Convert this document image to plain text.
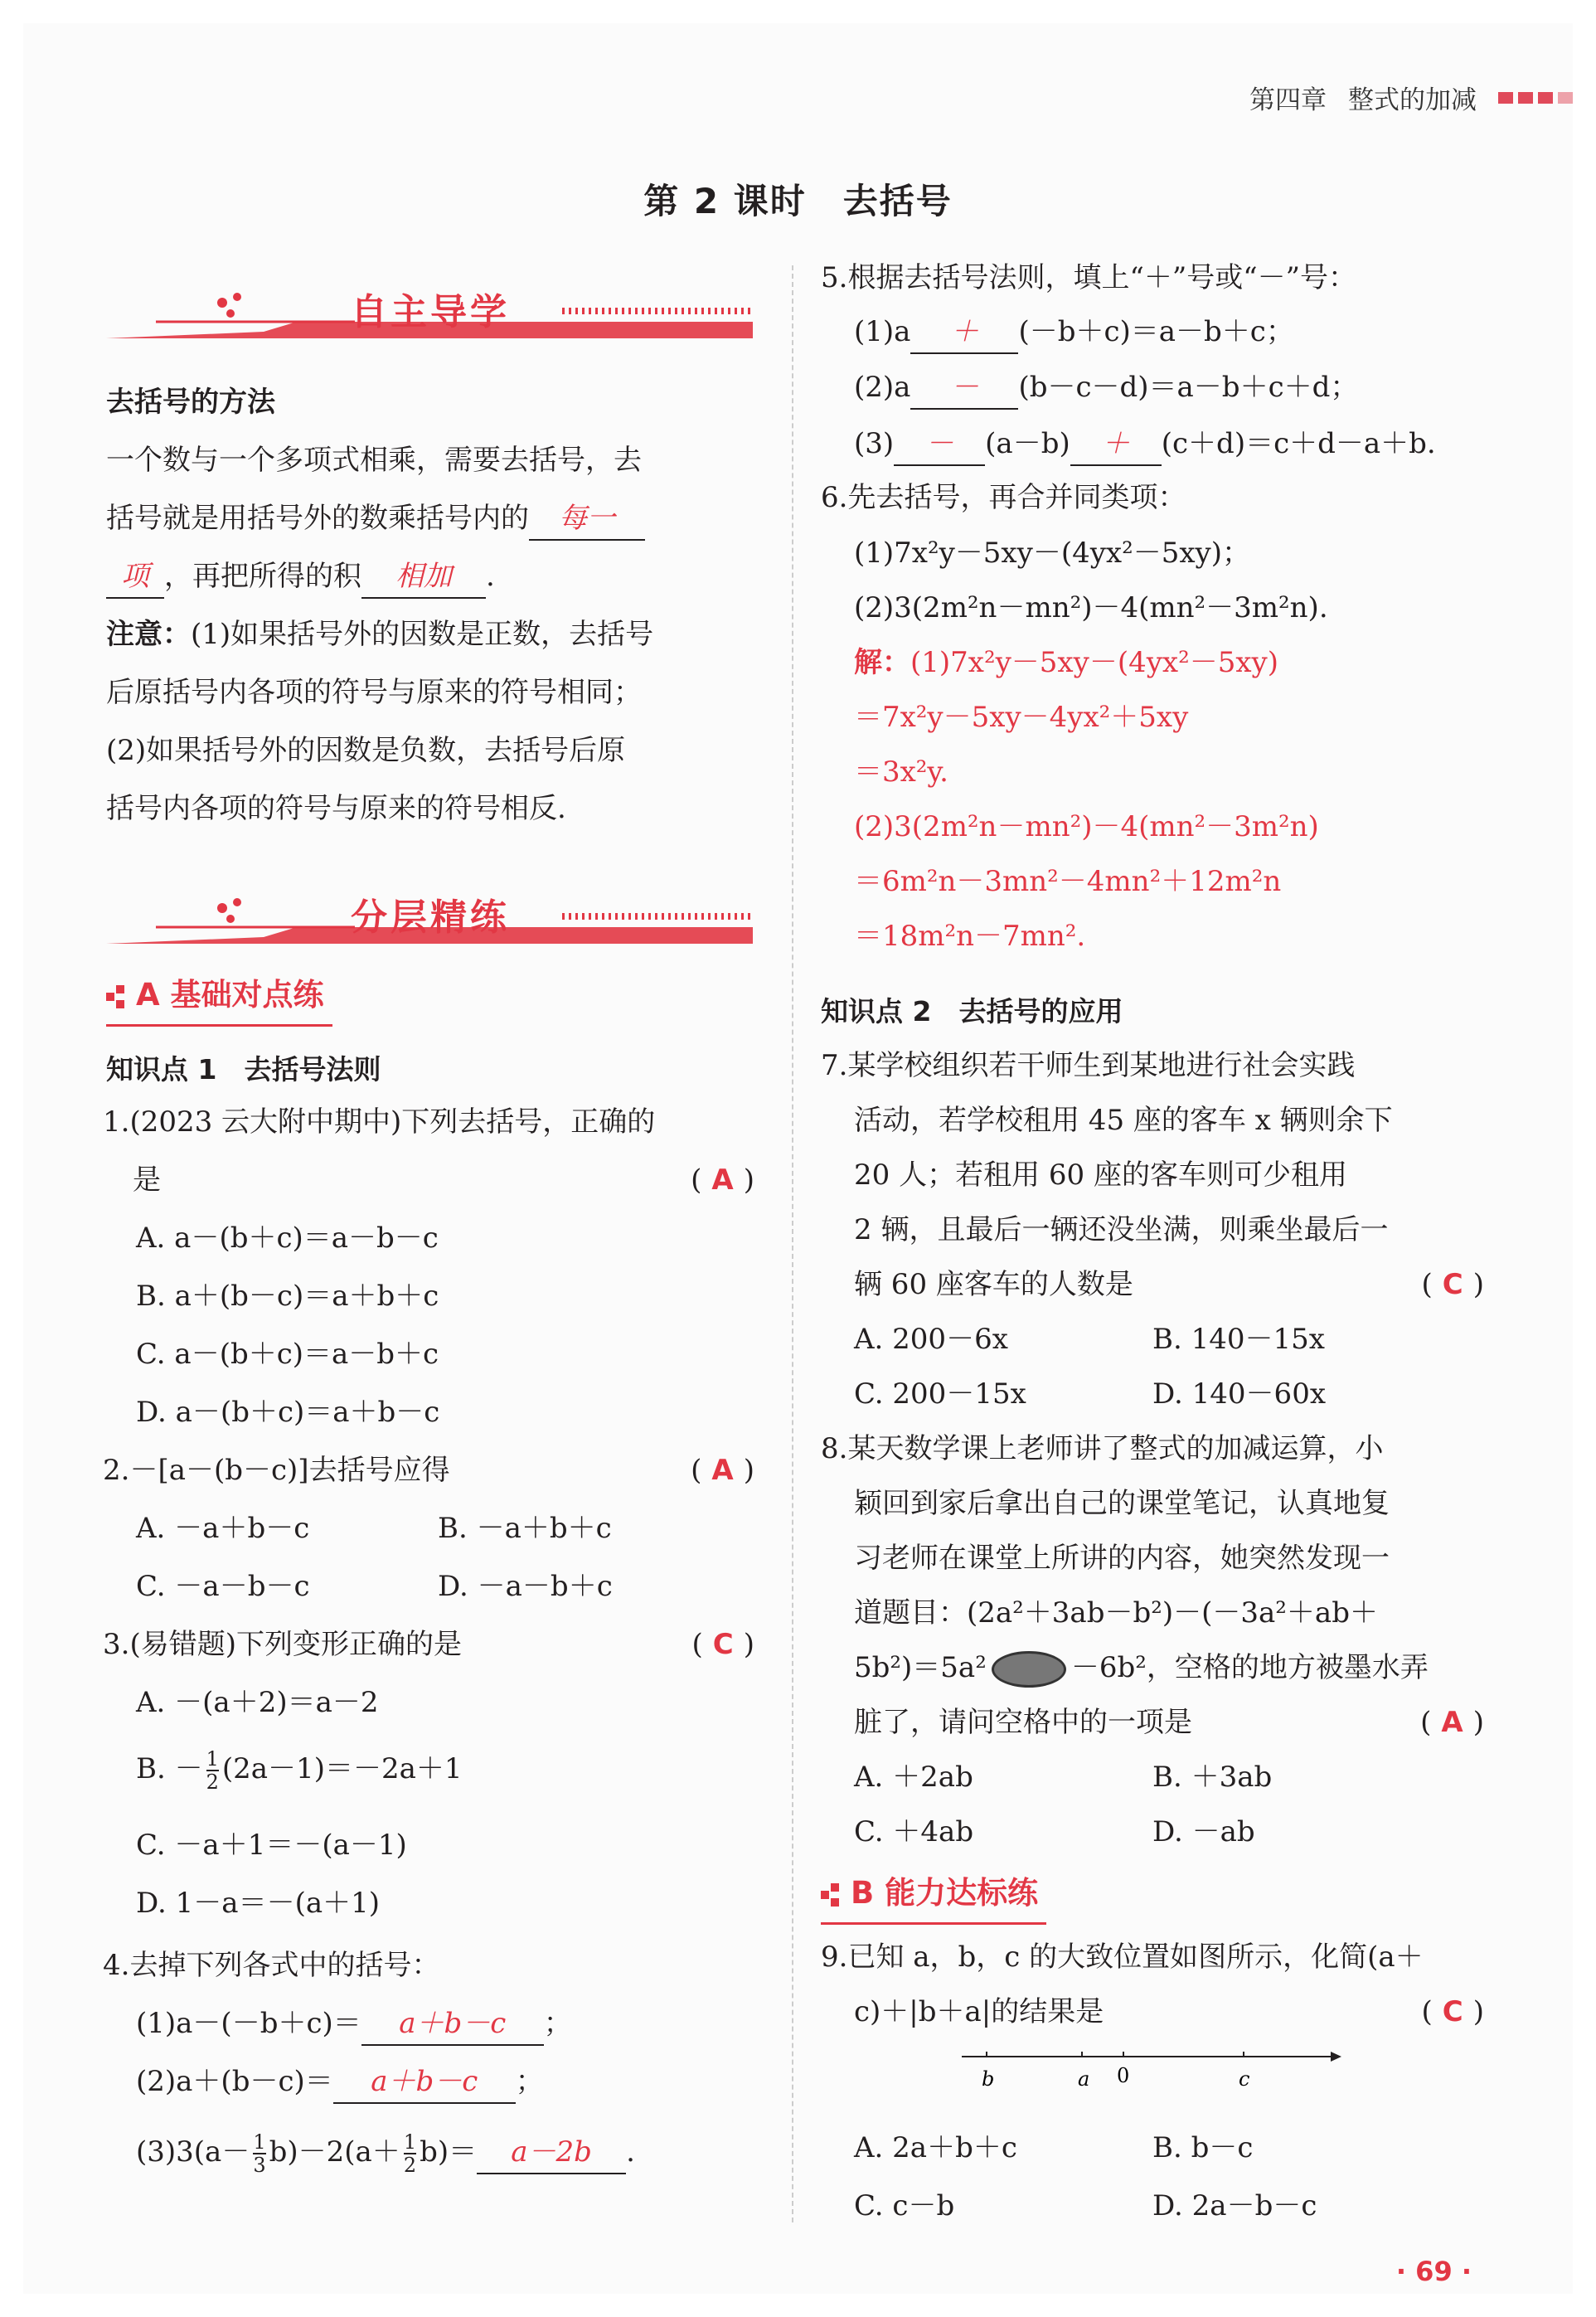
第四章 整式的加减
第 2 课时　去括号
自主导学
去括号的方法
一个数与一个多项式相乘，需要去括号，去
括号就是用括号外的数乘括号内的 每一
项 ，再把所得的积 相加 .
注意：(1)如果括号外的因数是正数，去括号
后原括号内各项的符号与原来的符号相同；
(2)如果括号外的因数是负数，去括号后原
括号内各项的符号与原来的符号相反.
分层精练
A 基础对点练
知识点 1　去括号法则
1.(2023 云大附中期中)下列去括号，正确的
是	( A )
A. a－(b＋c)＝a－b－c
B. a＋(b－c)＝a＋b＋c
C. a－(b＋c)＝a－b＋c
D. a－(b＋c)＝a＋b－c
2.－[a－(b－c)]去括号应得	( A )
A. －a＋b－c	B. －a＋b＋c
C. －a－b－c	D. －a－b＋c
3.(易错题)下列变形正确的是	( C )
A. －(a＋2)＝a－2
B. － $\frac{1}{2} (2a-1)=-2a+1$
C. －a＋1＝－(a－1)
D. 1－a＝－(a＋1)
4.去掉下列各式中的括号：
(1)a－(－b＋c)＝ a＋b－c ；
(2)a＋(b－c)＝ a＋b－c ；
$(3)3(a- \frac{1}{3} b)-2(a+ \frac{1}{2} b)= a-2b$ .
5.根据去括号法则，填上“＋”号或“－”号：
(1)a ＋ (－b＋c)＝a－b＋c；
(2)a － (b－c－d)＝a－b＋c＋d；
(3) － (a－b) ＋ (c＋d)＝c＋d－a＋b.
6.先去括号，再合并同类项：
(1)7x²y－5xy－(4yx²－5xy)；
(2)3(2m²n－mn²)－4(mn²－3m²n).
解：(1)7x²y－5xy－(4yx²－5xy)
＝7x²y－5xy－4yx²＋5xy
＝3x²y.
(2)3(2m²n－mn²)－4(mn²－3m²n)
＝6m²n－3mn²－4mn²＋12m²n
＝18m²n－7mn².
知识点 2　去括号的应用
7.某学校组织若干师生到某地进行社会实践
活动，若学校租用 45 座的客车 x 辆则余下
20 人；若租用 60 座的客车则可少租用
2 辆，且最后一辆还没坐满，则乘坐最后一
辆 60 座客车的人数是	( C )
A. 200－6x	B. 140－15x
C. 200－15x	D. 140－60x
8.某天数学课上老师讲了整式的加减运算，小
颖回到家后拿出自己的课堂笔记，认真地复
习老师在课堂上所讲的内容，她突然发现一
道题目：(2a²＋3ab－b²)－(－3a²＋ab＋
5b²)＝5a²	－6b²，空格的地方被墨水弄
脏了，请问空格中的一项是	( A )
A. ＋2ab	B. ＋3ab
C. ＋4ab	D. －ab
B 能力达标练
9.已知 a，b，c 的大致位置如图所示，化简(a＋
c)＋|b＋a|的结果是	( C )
b	a 0	c
A. 2a＋b＋c	B. b－c
C. c－b	D. 2a－b－c
· 69 ·
